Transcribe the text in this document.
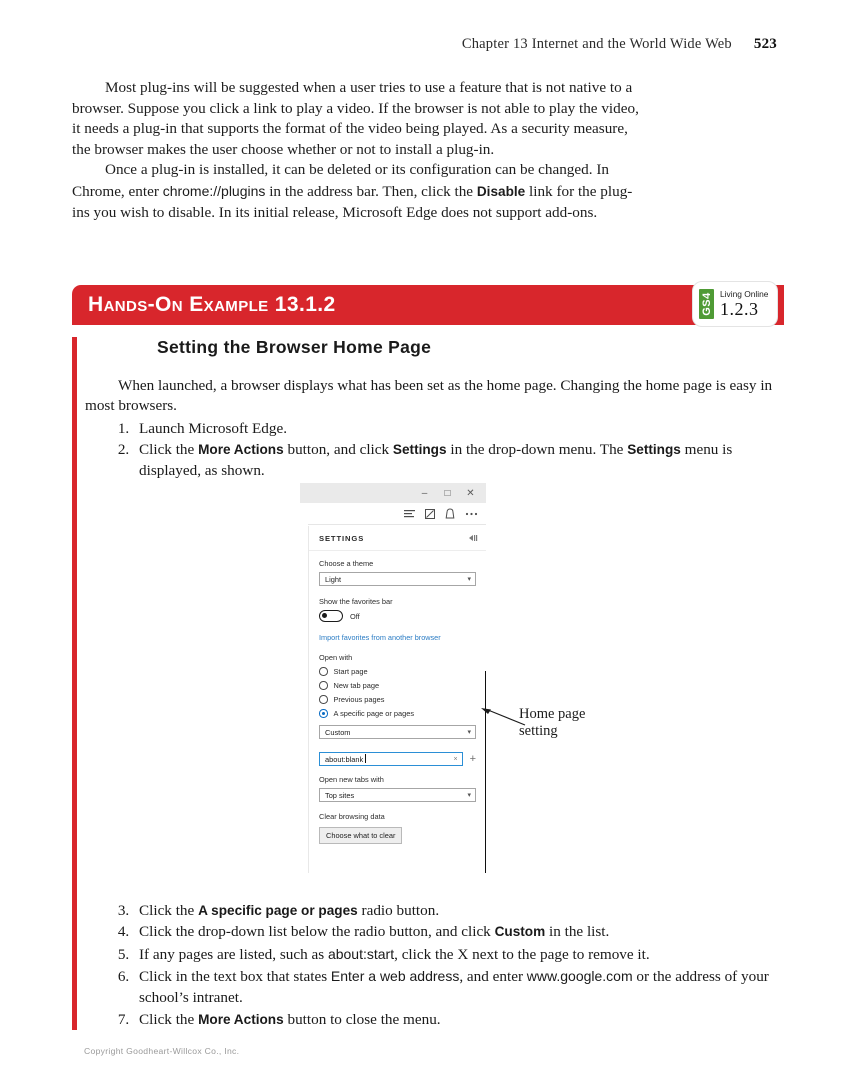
Chapter 13 Internet and the World Wide Web 523

Most plug-ins will be suggested when a user tries to use a feature that is not native to a browser. Suppose you click a link to play a video. If the browser is not able to play the video, it needs a plug-in that supports the format of the video being played. As a security measure, the browser makes the user choose whether or not to install a plug-in.

Once a plug-in is installed, it can be deleted or its configuration can be changed. In Chrome, enter chrome://plugins in the address bar. Then, click the Disable link for the plug-ins you wish to disable. In its initial release, Microsoft Edge does not support add-ons.

Hands-On Example 13.1.2	GS4 Living Online
1.2.3
Setting the Browser Home Page

When launched, a browser displays what has been set as the home page. Changing the home page is easy in most browsers.

1. Launch Microsoft Edge.
2. Click the More Actions button, and click Settings in the drop-down menu. The Settings menu is displayed, as shown.
3. Click the A specific page or pages radio button.
4. Click the drop-down list below the radio button, and click Custom in the list.
5. If any pages are listed, such as about:start, click the X next to the page to remove it.
6. Click in the text box that states Enter a web address, and enter www.google.com or the address of your school’s intranet.
7. Click the More Actions button to close the menu.
–	□	✕
SETTINGS
Choose a theme
Light	▾
Show the favorites bar
Off
Import favorites from another browser
Open with
Start page
New tab page
Previous pages
A specific page or pages
Custom	▾
about:blank	× +
Open new tabs with
Top sites	▾
Clear browsing data
Choose what to clear
Home page
setting
Copyright Goodheart-Willcox Co., Inc.
